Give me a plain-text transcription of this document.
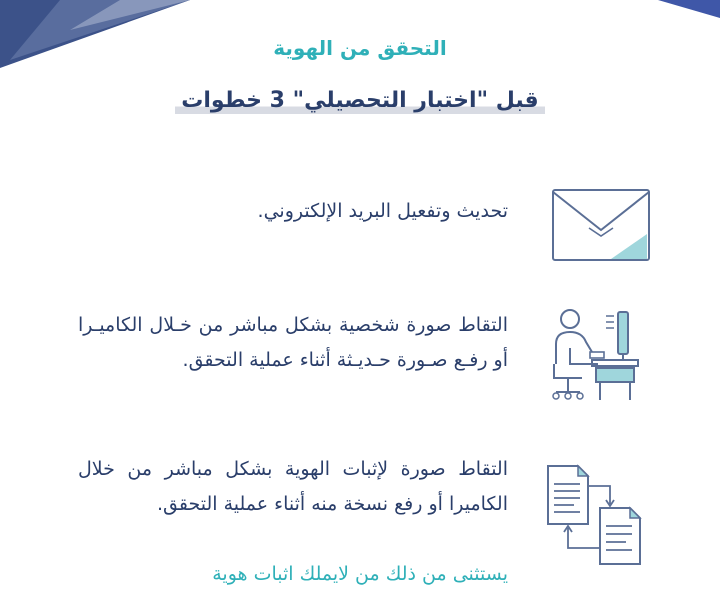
التحقق من الهوية
قبل "اختبار التحصيلي" 3 خطوات
تحديث وتفعيل البريد الإلكتروني.
التقاط صورة شخصية بشكل مباشر من خـلال الكاميـرا أو رفـع صـورة حـديـثة أثناء عملية التحقق.
التقاط صورة لإثبات الهوية بشكل مباشر من خلال الكاميرا أو رفع نسخة منه أثناء عملية التحقق.
يستثنى من ذلك من لايملك اثبات هوية
